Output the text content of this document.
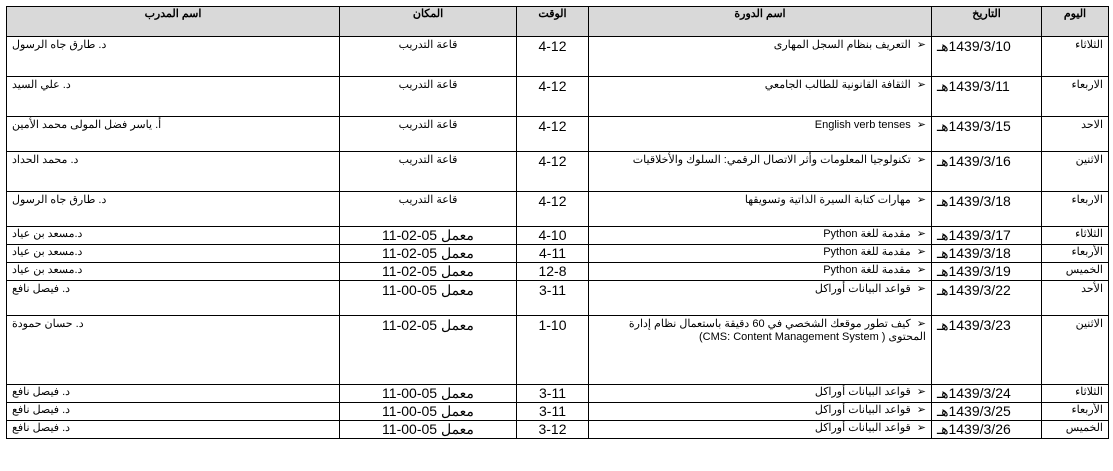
اليوم	التاريخ	اسم الدورة	الوقت	المكان	اسم المدرب
الثلاثاء	1439/3/10هـ	➢التعريف بنظام السجل المهارى	4-12	قاعة التدريب	د. طارق جاه الرسول
الاربعاء	1439/3/11هـ	➢الثقافة القانونية للطالب الجامعي	4-12	قاعة التدريب	د. علي السيد
الاحد	1439/3/15هـ	➢English verb tenses	4-12	قاعة التدريب	أ. ياسر فضل المولى محمد الأمين
الاثنين	1439/3/16هـ	➢تكنولوجيا المعلومات وأثر الاتصال الرقمي: السلوك والأخلاقيات	4-12	قاعة التدريب	د. محمد الحداد
الاربعاء	1439/3/18هـ	➢مهارات كتابة السيرة الذاتية وتسويقها	4-12	قاعة التدريب	د. طارق جاه الرسول
الثلاثاء	1439/3/17هـ	➢مقدمة للغة Python	4-10	معمل 05-02-11	د.مسعد بن عياد
الأربعاء	1439/3/18هـ	➢مقدمة للغة Python	4-11	معمل 05-02-11	د.مسعد بن عياد
الخميس	1439/3/19هـ	➢مقدمة للغة Python	12-8	معمل 05-02-11	د.مسعد بن عياد
الأحد	1439/3/22هـ	➢قواعد البيانات أوراكل	3-11	معمل 05-00-11	د. فيصل نافع
الاثنين	1439/3/23هـ	➢كيف تطور موقعك الشخصي في 60 دقيقة باستعمال نظام إدارة المحتوى ( CMS: Content Management System)	1-10	معمل 05-02-11	د. حسان حمودة
الثلاثاء	1439/3/24هـ	➢قواعد البيانات أوراكل	3-11	معمل 05-00-11	د. فيصل نافع
الأربعاء	1439/3/25هـ	➢قواعد البيانات أوراكل	3-11	معمل 05-00-11	د. فيصل نافع
الخميس	1439/3/26هـ	➢قواعد البيانات أوراكل	3-12	معمل 05-00-11	د. فيصل نافع
